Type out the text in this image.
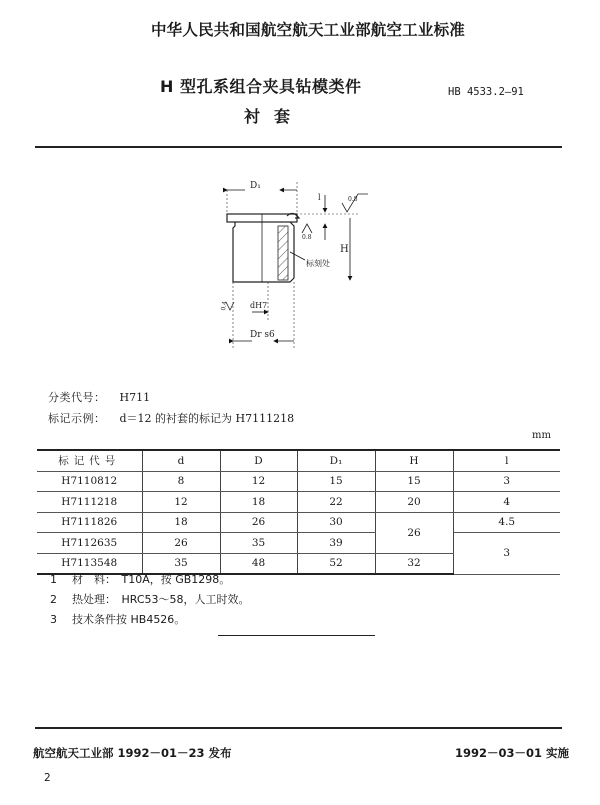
中华人民共和国航空航天工业部航空工业标准
H 型孔系组合夹具钻模类件
衬套
HB 4533.2—91
D₁
0.8
0.8
H
l
标刻处
dH7
Dr s6
0.4
分类代号： H711
标记示例： d＝12 的衬套的标记为 H7111218
mm
标记代号	d	D	D₁	H	l
H7110812	8	12	15	15	3
H7111218	12	18	22	20	4
H7111826	18	26	30	26	4.5
H7112635	26	35	39		3
H7113548	35	48	52	32	
1 材　料：　T10A，按 GB1298。
2 热处理：　HRC53～58，人工时效。
3 技术条件按 HB4526。
航空航天工业部 1992－01－23 发布	1992－03－01 实施
2
